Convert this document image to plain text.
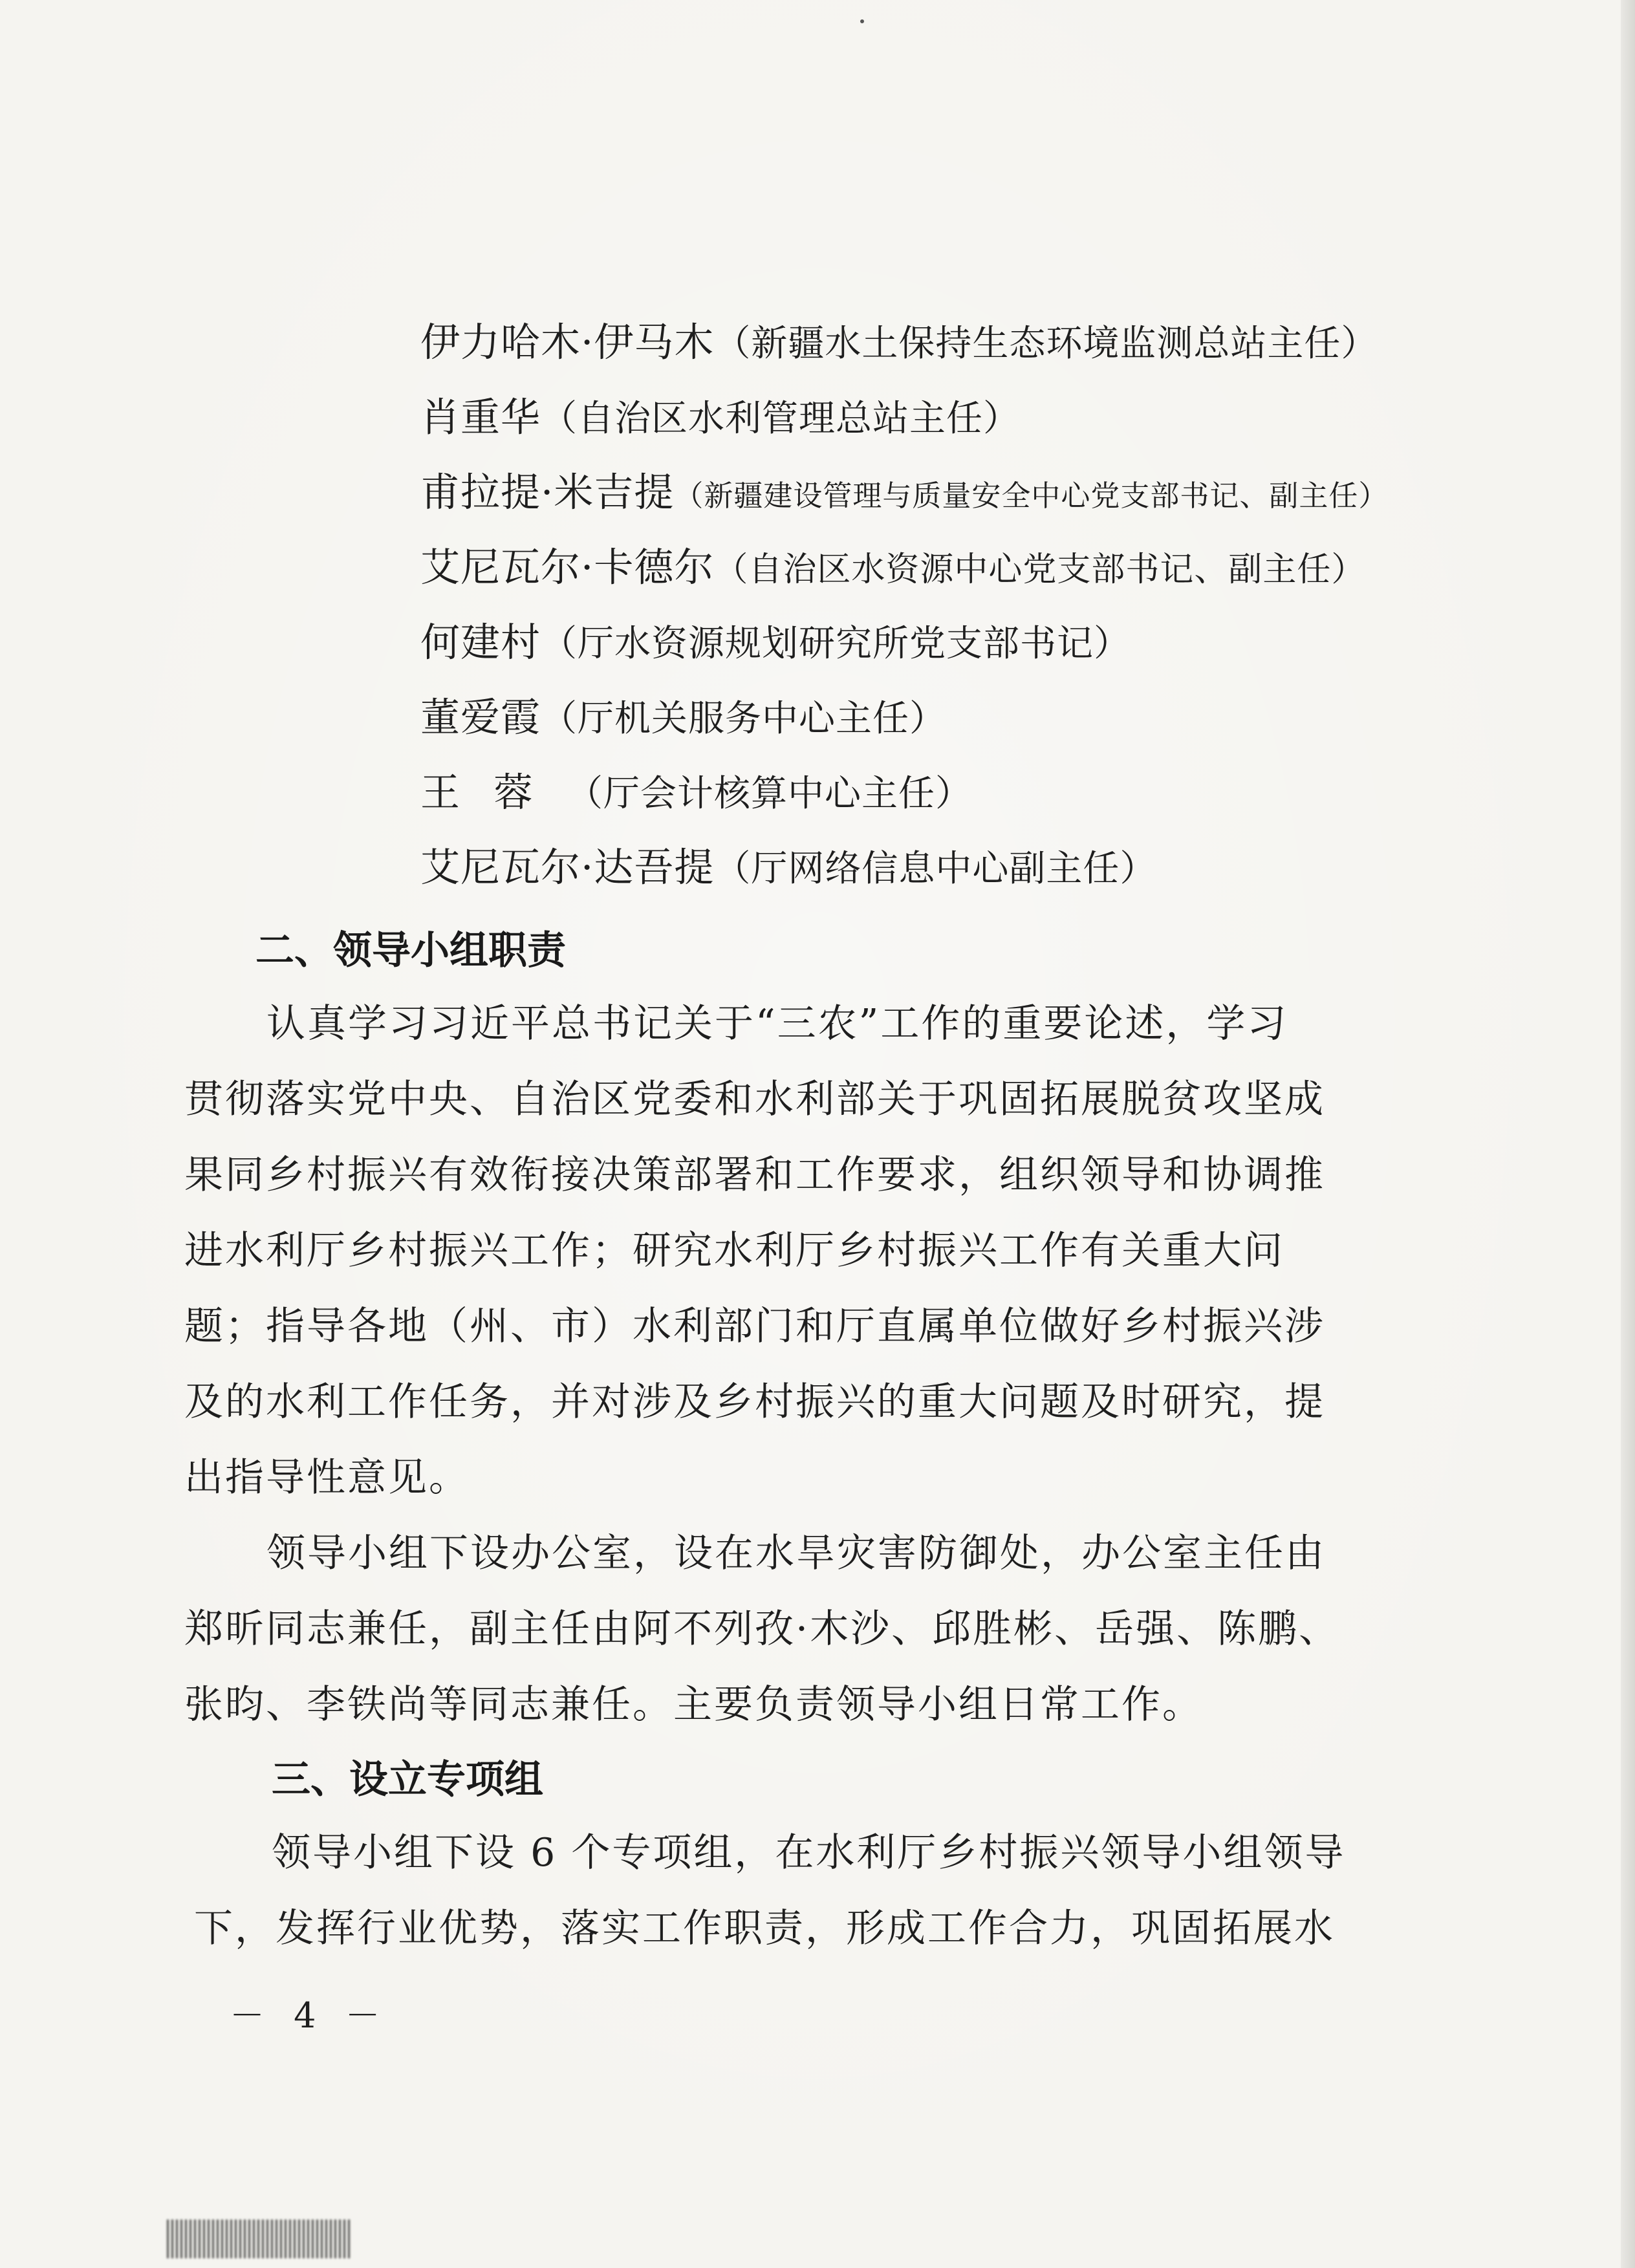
伊力哈木·伊马木（新疆水土保持生态环境监测总站主任）
肖重华（自治区水利管理总站主任）
甫拉提·米吉提（新疆建设管理与质量安全中心党支部书记、副主任）
艾尼瓦尔·卡德尔（自治区水资源中心党支部书记、副主任）
何建村（厅水资源规划研究所党支部书记）
董爱霞（厅机关服务中心主任）
王蓉（厅会计核算中心主任）
艾尼瓦尔·达吾提（厅网络信息中心副主任）
二、领导小组职责
认真学习习近平总书记关于“三农”工作的重要论述，学习
贯彻落实党中央、自治区党委和水利部关于巩固拓展脱贫攻坚成
果同乡村振兴有效衔接决策部署和工作要求，组织领导和协调推
进水利厅乡村振兴工作；研究水利厅乡村振兴工作有关重大问
题；指导各地（州、市）水利部门和厅直属单位做好乡村振兴涉
及的水利工作任务，并对涉及乡村振兴的重大问题及时研究，提
出指导性意见。
领导小组下设办公室，设在水旱灾害防御处，办公室主任由
郑昕同志兼任，副主任由阿不列孜·木沙、邱胜彬、岳强、陈鹏、
张昀、李铁尚等同志兼任。主要负责领导小组日常工作。
三、设立专项组
领导小组下设 6 个专项组，在水利厅乡村振兴领导小组领导
下，发挥行业优势，落实工作职责，形成工作合力，巩固拓展水
－ 4 －
